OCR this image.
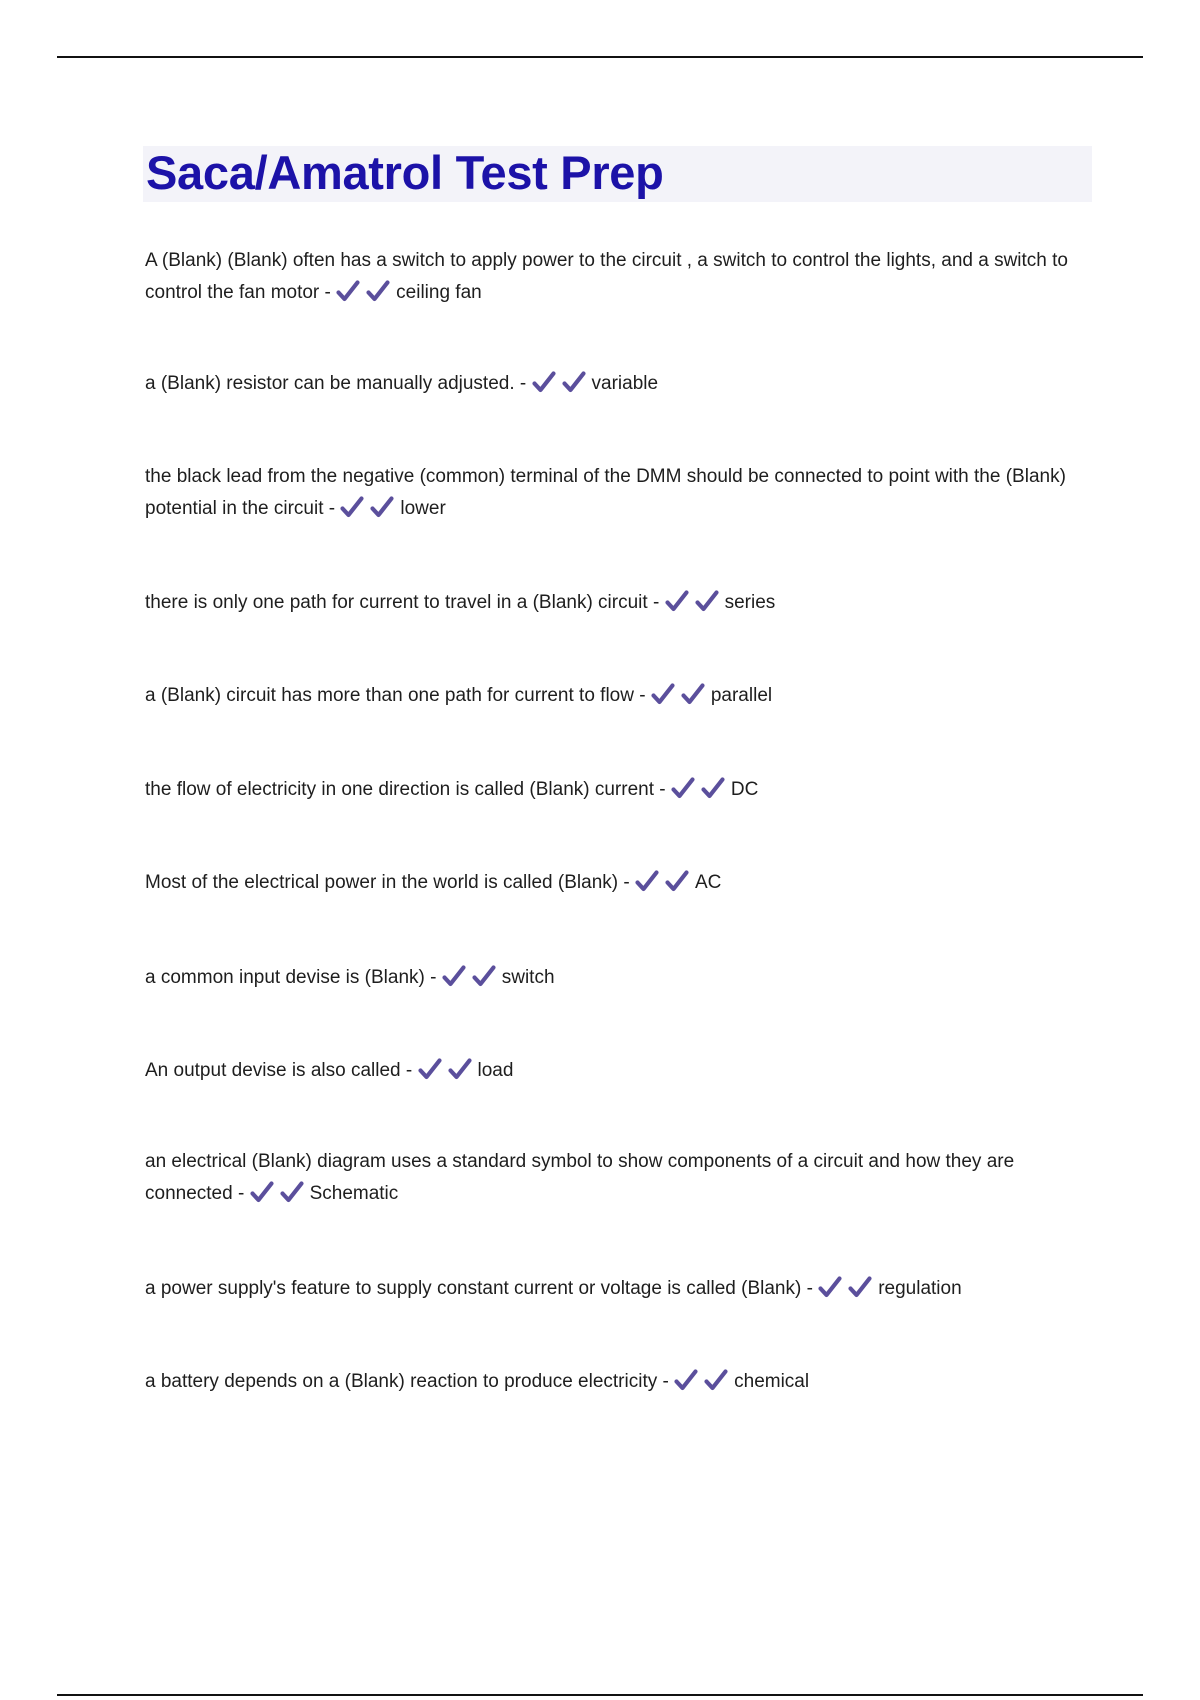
Saca/Amatrol Test Prep

A (Blank) (Blank) often has a switch to apply power to the circuit , a switch to control the lights, and a switch to control the fan motor -	ceiling fan

a (Blank) resistor can be manually adjusted. -	variable

the black lead from the negative (common) terminal of the DMM should be connected to point with the (Blank) potential in the circuit -	lower

there is only one path for current to travel in a (Blank) circuit -	series

a (Blank) circuit has more than one path for current to flow -	parallel

the flow of electricity in one direction is called (Blank) current -	DC

Most of the electrical power in the world is called (Blank) -	AC

a common input devise is (Blank) -	switch

An output devise is also called -	load

an electrical (Blank) diagram uses a standard symbol to show components of a circuit and how they are connected -	Schematic

a power supply's feature to supply constant current or voltage is called (Blank) -	regulation

a battery depends on a (Blank) reaction to produce electricity -	chemical
